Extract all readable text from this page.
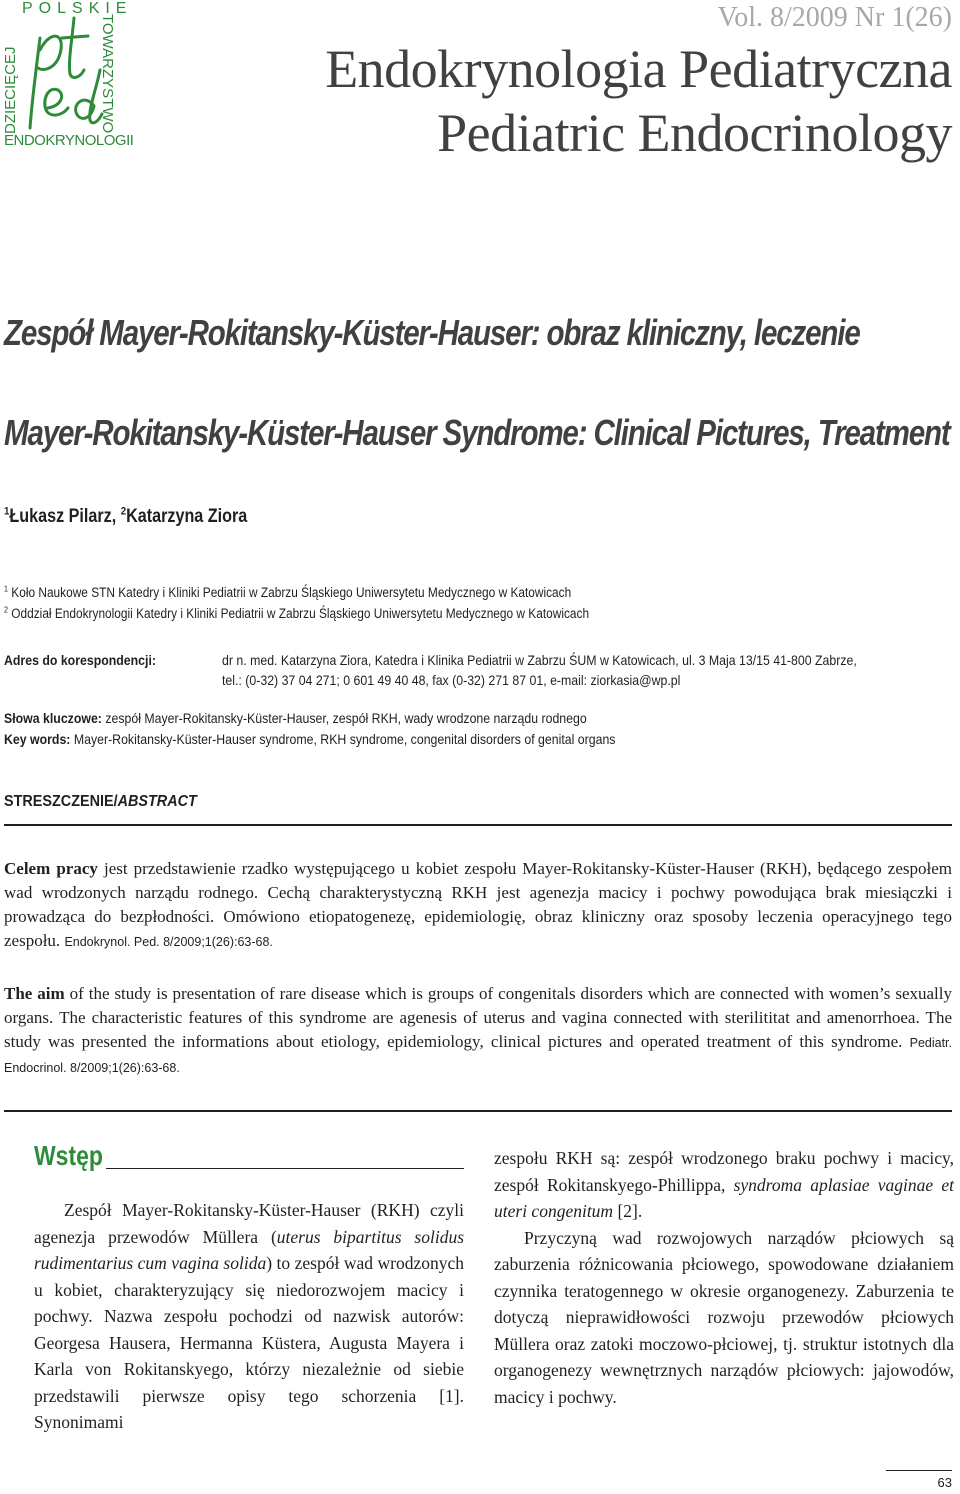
POLSKIE
DZIECIĘCEJ	TOWARZYSTWO
ENDOKRYNOLOGII
Vol. 8/2009 Nr 1(26)
Endokrynologia Pediatryczna
Pediatric Endocrinology
Zespół Mayer-Rokitansky-Küster-Hauser: obraz kliniczny, leczenie
Mayer-Rokitansky-Küster-Hauser Syndrome: Clinical Pictures, Treatment
$^1$Łukasz Pilarz, $^2$Katarzyna Ziora
$^1$ Koło Naukowe STN Katedry i Kliniki Pediatrii w Zabrzu Śląskiego Uniwersytetu Medycznego w Katowicach
$^2$ Oddział Endokrynologii Katedry i Kliniki Pediatrii w Zabrzu Śląskiego Uniwersytetu Medycznego w Katowicach
Adres do korespondencji:	dr n. med. Katarzyna Ziora, Katedra i Klinika Pediatrii w Zabrzu ŚUM w Katowicach, ul. 3 Maja 13/15 41-800 Zabrze,
tel.: (0-32) 37 04 271; 0 601 49 40 48, fax (0-32) 271 87 01, e-mail: ziorkasia@wp.pl
Słowa kluczowe: zespół Mayer-Rokitansky-Küster-Hauser, zespół RKH, wady wrodzone narządu rodnego
Key words: Mayer-Rokitansky-Küster-Hauser syndrome, RKH syndrome, congenital disorders of genital organs
STRESZCZENIE/ABSTRACT

Celem pracy jest przedstawienie rzadko występującego u kobiet zespołu Mayer-Rokitansky-Küster-Hauser (RKH), będącego zespołem wad wrodzonych narządu rodnego. Cechą charakterystyczną RKH jest agenezja macicy i pochwy powodująca brak miesiączki i prowadząca do bezpłodności. Omówiono etiopatogenezę, epidemiologię, obraz kliniczny oraz sposoby leczenia operacyjnego tego zespołu. Endokrynol. Ped. 8/2009;1(26):63-68.

The aim of the study is presentation of rare disease which is groups of congenitals disorders which are connected with women’s sexually organs. The characteristic features of this syndrome are agenesis of uterus and vagina connected with sterilititat and amenorrhoea. The study was presented the informations about etiology, epidemiology, clinical pictures and operated treatment of this syndrome. Pediatr. Endocrinol. 8/2009;1(26):63-68.

Wstęp

Zespół Mayer-Rokitansky-Küster-Hauser (RKH) czyli agenezja przewodów Müllera (uterus bipartitus solidus rudimentarius cum vagina solida) to zespół wad wrodzonych u kobiet, charakteryzujący się niedorozwojem macicy i pochwy. Nazwa zespołu pochodzi od nazwisk autorów: Georgesa Hausera, Hermanna Küstera, Augusta Mayera i Karla von Rokitanskyego, którzy niezależnie od siebie przedstawili pierwsze opisy tego schorzenia [1]. Synonimami

zespołu RKH są: zespół wrodzonego braku pochwy i macicy, zespół Rokitanskyego-Phillippa, syndroma aplasiae vaginae et uteri congenitum [2].

Przyczyną wad rozwojowych narządów płciowych są zaburzenia różnicowania płciowego, spowodowane działaniem czynnika teratogennego w okresie organogenezy. Zaburzenia te dotyczą nieprawidłowości rozwoju przewodów płciowych Müllera oraz zatoki moczowo-płciowej, tj. struktur istotnych dla organogenezy wewnętrznych narządów płciowych: jajowodów, macicy i pochwy.

63
